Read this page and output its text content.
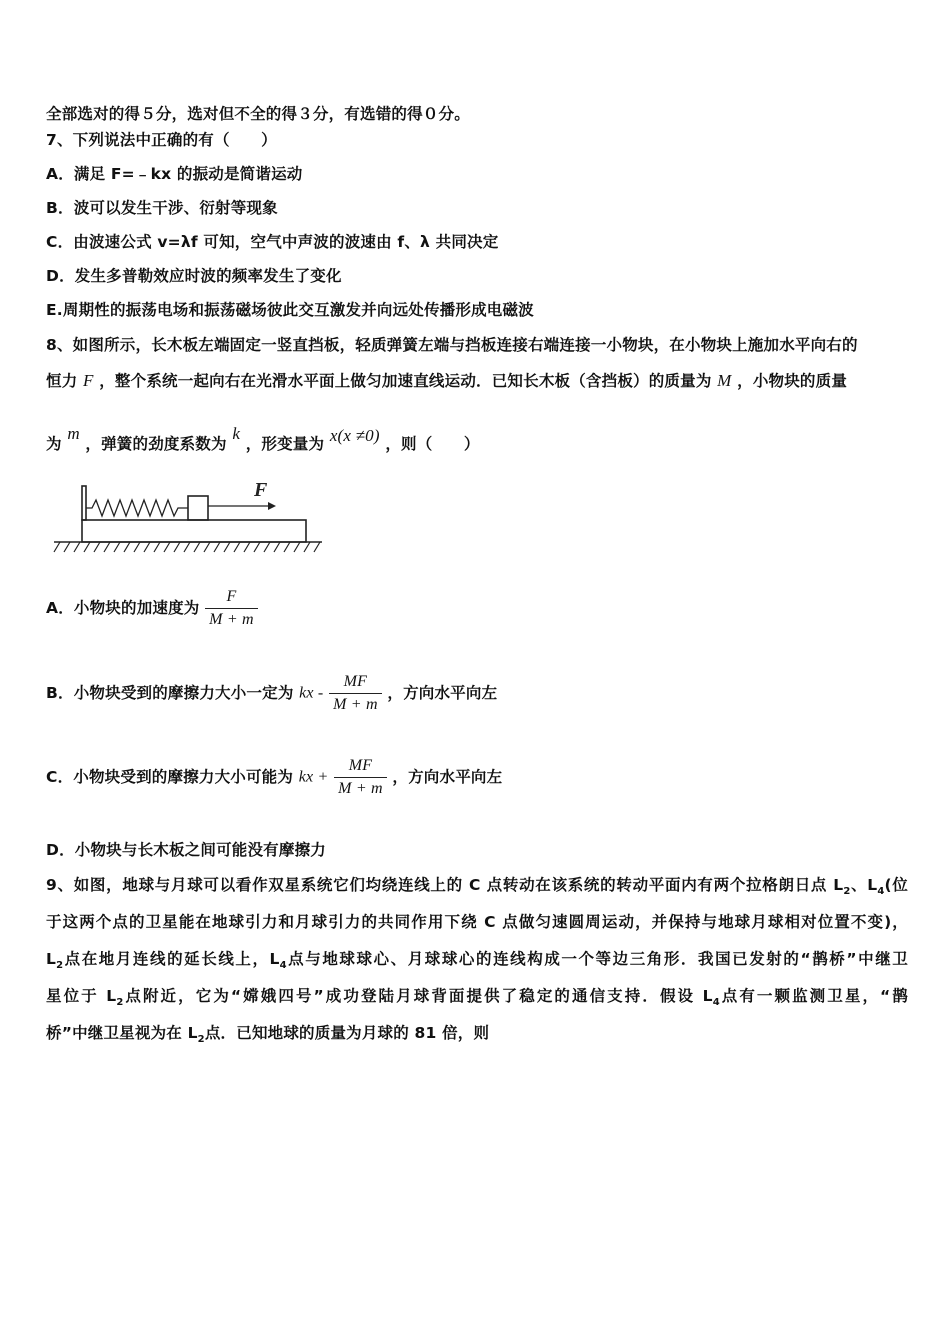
全部选对的得５分，选对但不全的得３分，有选错的得０分。
7、下列说法中正确的有（　　）
A．满足 F=﹣kx 的振动是简谐运动
B．波可以发生干涉、衍射等现象
C．由波速公式 v=λf 可知，空气中声波的波速由 f、λ 共同决定
D．发生多普勒效应时波的频率发生了变化
E.周期性的振荡电场和振荡磁场彼此交互激发并向远处传播形成电磁波
8、如图所示，长木板左端固定一竖直挡板，轻质弹簧左端与挡板连接右端连接一小物块，在小物块上施加水平向右的
恒力 F ，整个系统一起向右在光滑水平面上做匀加速直线运动．已知长木板（含挡板）的质量为 M ，小物块的质量
为 m ，弹簧的劲度系数为 k ，形变量为 x(x ≠0) ，则（　　）
F
A．小物块的加速度为 $\frac{F}{M + m}$
B．小物块受到的摩擦力大小一定为 kx - $\frac{MF}{M + m}$ ，方向水平向左
C．小物块受到的摩擦力大小可能为 kx + $\frac{MF}{M + m}$ ，方向水平向左
D．小物块与长木板之间可能没有摩擦力
9、如图，地球与月球可以看作双星系统它们均绕连线上的 C 点转动在该系统的转动平面内有两个拉格朗日点 $L_2$、$L_4$(位
于这两个点的卫星能在地球引力和月球引力的共同作用下绕 C 点做匀速圆周运动，并保持与地球月球相对位置不变)，
$L_2$点在地月连线的延长线上，$L_4$点与地球球心、月球球心的连线构成一个等边三角形．我国已发射的“鹊桥”中继卫
星位于 $L_2$点附近，它为“嫦娥四号”成功登陆月球背面提供了稳定的通信支持．假设 $L_4$点有一颗监测卫星，“鹊
桥”中继卫星视为在 $L_2$点．已知地球的质量为月球的 81 倍，则
